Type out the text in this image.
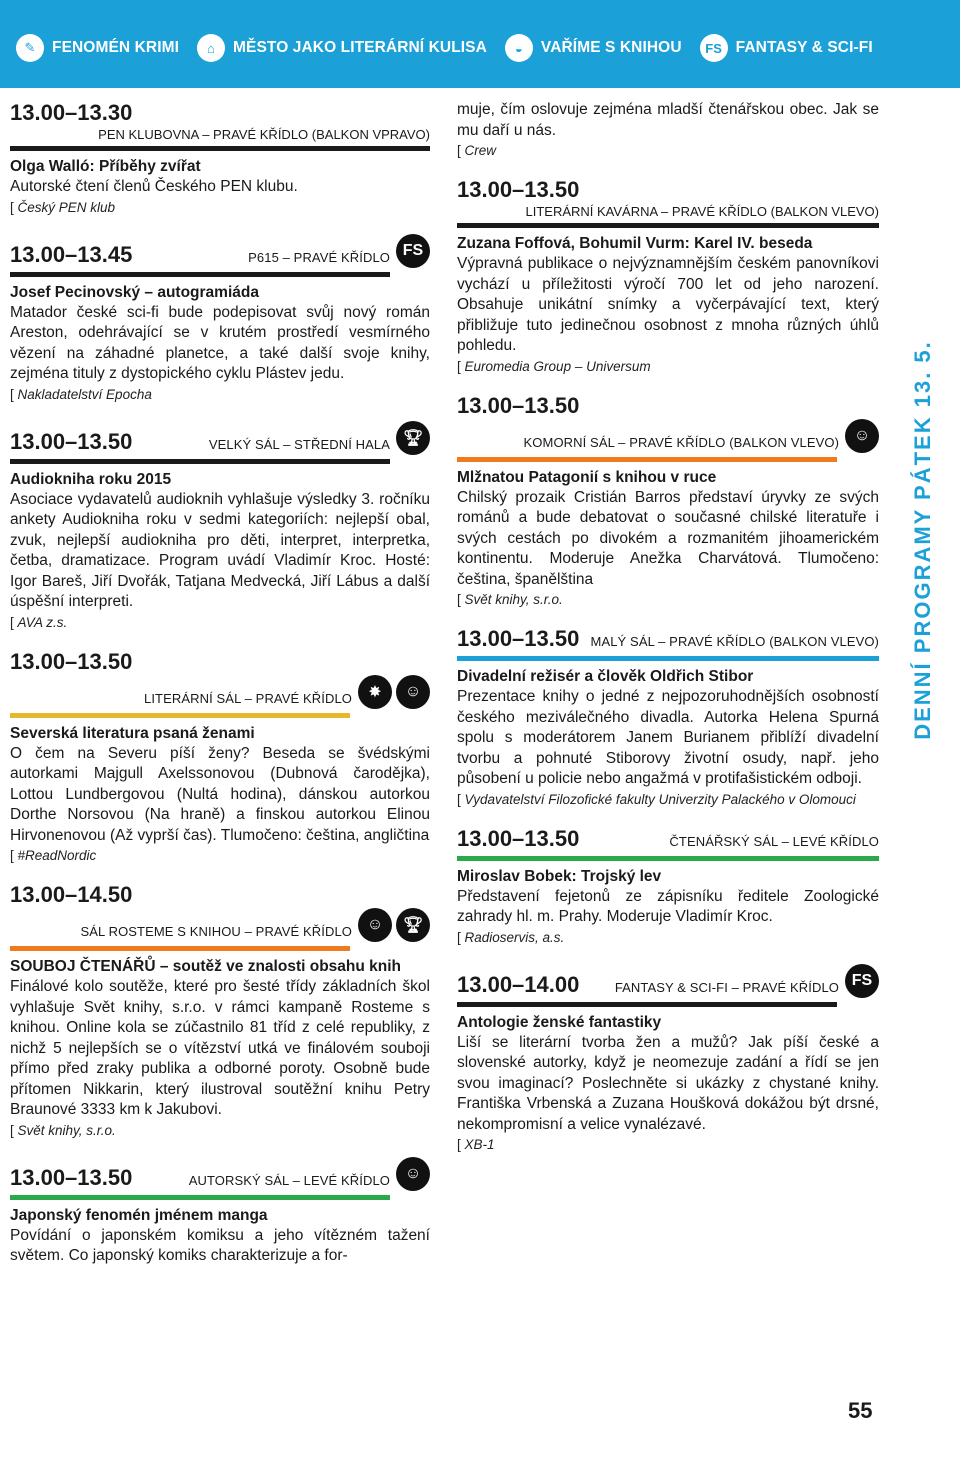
✎	FENOMÉN KRIMI	⌂	MĚSTO JAKO LITERÁRNÍ KULISA	◒	VAŘÍME S KNIHOU	FS FANTASY & SCI-FI
13.00–13.30
PEN KLUBOVNA – PRAVÉ KŘÍDLO (BALKON VPRAVO)
Olga Walló: Příběhy zvířat
Autorské čtení členů Českého PEN klubu.
[ Český PEN klub
13.00–13.45	P615 – PRAVÉ KŘÍDLO FS
Josef Pecinovský – autogramiáda
Matador české sci-fi bude podepisovat svůj nový román Areston, odehrávající se v krutém prostředí vesmírného vězení na záhadné planetce, a také další svoje knihy, zejména tituly z dystopického cyklu Plástev jedu.
[ Nakladatelství Epocha
13.00–13.50	VELKÝ SÁL – STŘEDNÍ HALA 🏆︎
Audiokniha roku 2015
Asociace vydavatelů audioknih vyhlašuje výsledky 3. ročníku ankety Audiokniha roku v sedmi kategoriích: nejlepší obal, zvuk, nejlepší audiokniha pro děti, interpret, interpretka, četba, dramatizace. Program uvádí Vladimír Kroc. Hosté: Igor Bareš, Jiří Dvořák, Tatjana Medvecká, Jiří Lábus a další úspěšní interpreti.
[ AVA z.s.
13.00–13.50
LITERÁRNÍ SÁL – PRAVÉ KŘÍDLO	✸	☺
Severská literatura psaná ženami
O čem na Severu píší ženy? Beseda se švédskými autorkami Majgull Axelssonovou (Dubnová čarodějka), Lottou Lundbergovou (Nultá hodina), dánskou autorkou Dorthe Norsovou (Na hraně) a finskou autorkou Elinou Hirvonenovou (Až vyprší čas). Tlumočeno: čeština, angličtina
[ #ReadNordic
13.00–14.50
SÁL ROSTEME S KNIHOU – PRAVÉ KŘÍDLO ☺	🏆︎
SOUBOJ ČTENÁŘŮ – soutěž ve znalosti obsahu knih
Finálové kolo soutěže, které pro šesté třídy základních škol vyhlašuje Svět knihy, s.r.o. v rámci kampaně Rosteme s knihou. Online kola se zúčastnilo 81 tříd z celé republiky, z nichž 5 nejlepších se o vítězství utká ve finálovém souboji přímo před zraky publika a odborné poroty. Osobně bude přítomen Nikkarin, který ilustroval soutěžní knihu Petry Braunové 3333 km k Jakubovi.
[ Svět knihy, s.r.o.
13.00–13.50	AUTORSKÝ SÁL – LEVÉ KŘÍDLO ☺
Japonský fenomén jménem manga
Povídání o japonském komiksu a jeho vítězném tažení světem. Co japonský komiks charakterizuje a for-
muje, čím oslovuje zejména mladší čtenářskou obec. Jak se mu daří u nás.
[ Crew
13.00–13.50
LITERÁRNÍ KAVÁRNA – PRAVÉ KŘÍDLO (BALKON VLEVO)
Zuzana Foffová, Bohumil Vurm: Karel IV. beseda
Výpravná publikace o nejvýznamnějším českém panovníkovi vychází u příležitosti výročí 700 let od jeho narození. Obsahuje unikátní snímky a vyčerpávající text, který přibližuje tuto jedinečnou osobnost z mnoha různých úhlů pohledu.
[ Euromedia Group – Universum
13.00–13.50
KOMORNÍ SÁL – PRAVÉ KŘÍDLO (BALKON VLEVO) ☺
Mlžnatou Patagonií s knihou v ruce
Chilský prozaik Cristián Barros představí úryvky ze svých románů a bude debatovat o současné chilské literatuře i svých cestách po divokém a rozmanitém jihoamerickém kontinentu. Moderuje Anežka Charvátová. Tlumočeno: čeština, španělština
[ Svět knihy, s.r.o.
13.00–13.50 MALÝ SÁL – PRAVÉ KŘÍDLO (BALKON VLEVO)
Divadelní režisér a člověk Oldřich Stibor
Prezentace knihy o jedné z nejpozoruhodnějších osobností českého meziválečného divadla. Autorka Helena Spurná spolu s moderátorem Janem Burianem přiblíží divadelní tvorbu a pohnuté Stiborovy životní osudy, např. jeho působení u policie nebo angažmá v protifašistickém odboji.
[ Vydavatelství Filozofické fakulty Univerzity Palackého v Olomouci
13.00–13.50	ČTENÁŘSKÝ SÁL – LEVÉ KŘÍDLO
Miroslav Bobek: Trojský lev
Představení fejetonů ze zápisníku ředitele Zoologické zahrady hl. m. Prahy. Moderuje Vladimír Kroc.
[ Radioservis, a.s.
13.00–14.00	FANTASY & SCI-FI – PRAVÉ KŘÍDLO FS
Antologie ženské fantastiky
Liší se literární tvorba žen a mužů? Jak píší české a slovenské autorky, když je neomezuje zadání a řídí se jen svou imaginací? Poslechněte si ukázky z chystané knihy. Františka Vrbenská a Zuzana Houšková dokážou být drsné, nekompromisní a velice vynalézavé.
[ XB-1
DENNÍ PROGRAMY PÁTEK 13. 5.
55
